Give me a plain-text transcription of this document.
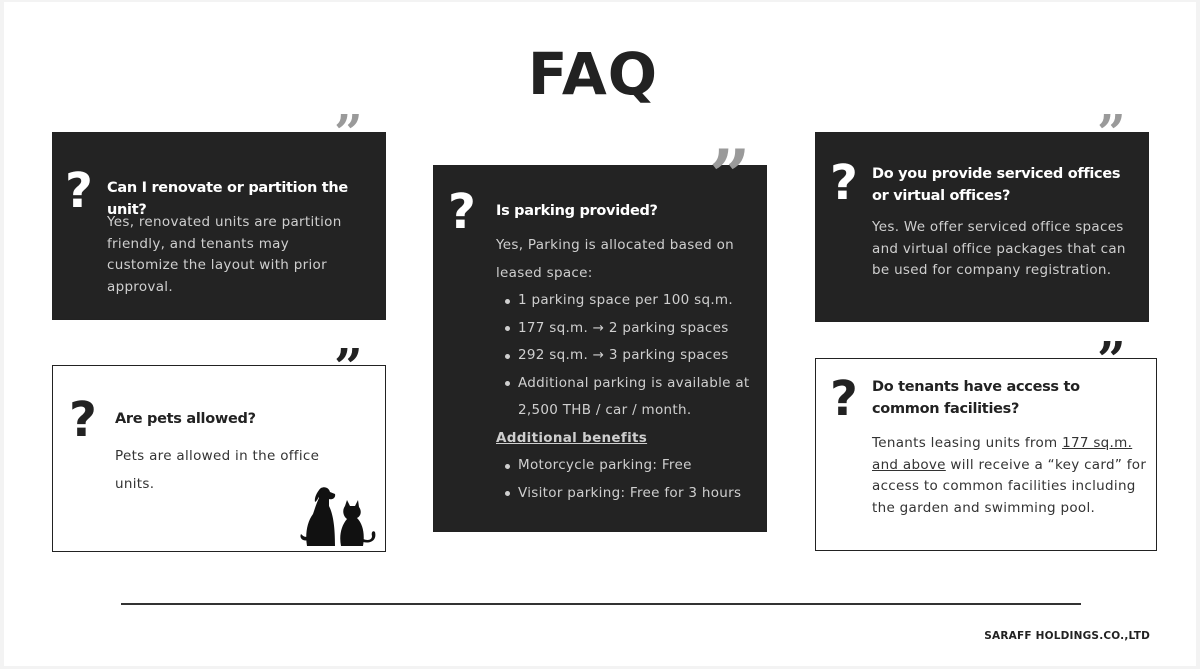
FAQ
? Can I renovate or partition the unit?
Yes, renovated units are partition friendly, and tenants may customize the layout with prior approval.
”
? Are pets allowed?
Pets are allowed in the office units.
”
? Is parking provided?
Yes, Parking is allocated based on leased space:
1 parking space per 100 sq.m.
177 sq.m. → 2 parking spaces
292 sq.m. → 3 parking spaces
Additional parking is available at 2,500 THB / car / month.
Additional benefits
Motorcycle parking: Free
Visitor parking: Free for 3 hours
” ? Do you provide serviced offices or virtual offices?
Yes. We offer serviced office spaces and virtual office packages that can be used for company registration.
”
? Do tenants have access to common facilities?
Tenants leasing units from 177 sq.m. and above will receive a “key card” for access to common facilities including the garden and swimming pool.
”
SARAFF HOLDINGS.CO.,LTD
